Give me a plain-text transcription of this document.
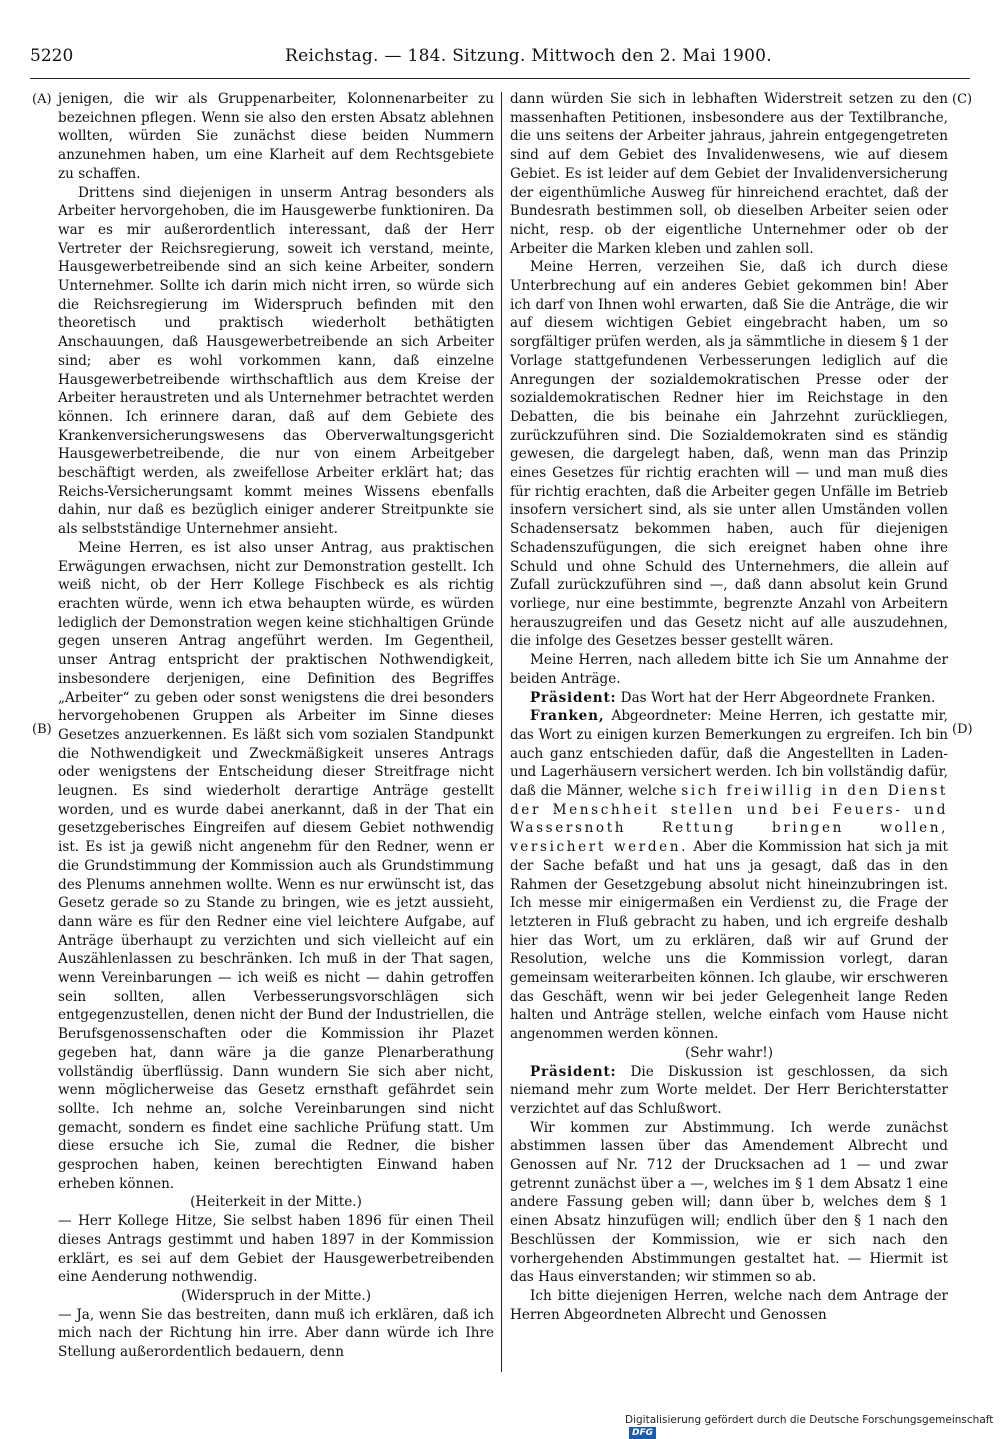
5220	Reichstag. — 184. Sitzung. Mittwoch den 2. Mai 1900.
(A)
(B)
(C)
(D)

jenigen, die wir als Gruppenarbeiter, Kolonnenarbeiter zu bezeichnen pflegen. Wenn sie also den ersten Absatz ablehnen wollten, würden Sie zunächst diese beiden Nummern anzunehmen haben, um eine Klarheit auf dem Rechtsgebiete zu schaffen.

Drittens sind diejenigen in unserm Antrag besonders als Arbeiter hervorgehoben, die im Hausgewerbe funktioniren. Da war es mir außerordentlich interessant, daß der Herr Vertreter der Reichsregierung, soweit ich verstand, meinte, Hausgewerbetreibende sind an sich keine Arbeiter, sondern Unternehmer. Sollte ich darin mich nicht irren, so würde sich die Reichsregierung im Widerspruch befinden mit den theoretisch und praktisch wiederholt bethätigten Anschauungen, daß Hausgewerbetreibende an sich Arbeiter sind; aber es wohl vorkommen kann, daß einzelne Hausgewerbetreibende wirthschaftlich aus dem Kreise der Arbeiter heraustreten und als Unternehmer betrachtet werden können. Ich erinnere daran, daß auf dem Gebiete des Krankenversicherungswesens das Oberverwaltungsgericht Hausgewerbetreibende, die nur von einem Arbeitgeber beschäftigt werden, als zweifellose Arbeiter erklärt hat; das Reichs-Versicherungsamt kommt meines Wissens ebenfalls dahin, nur daß es bezüglich einiger anderer Streitpunkte sie als selbstständige Unternehmer ansieht.

Meine Herren, es ist also unser Antrag, aus praktischen Erwägungen erwachsen, nicht zur Demonstration gestellt. Ich weiß nicht, ob der Herr Kollege Fischbeck es als richtig erachten würde, wenn ich etwa behaupten würde, es würden lediglich der Demonstration wegen keine stichhaltigen Gründe gegen unseren Antrag angeführt werden. Im Gegentheil, unser Antrag entspricht der praktischen Nothwendigkeit, insbesondere derjenigen, eine Definition des Begriffes „Arbeiter“ zu geben oder sonst wenigstens die drei besonders hervorgehobenen Gruppen als Arbeiter im Sinne dieses Gesetzes anzuerkennen. Es läßt sich vom sozialen Standpunkt die Nothwendigkeit und Zweckmäßigkeit unseres Antrags oder wenigstens der Entscheidung dieser Streitfrage nicht leugnen. Es sind wiederholt derartige Anträge gestellt worden, und es wurde dabei anerkannt, daß in der That ein gesetzgeberisches Eingreifen auf diesem Gebiet nothwendig ist. Es ist ja gewiß nicht angenehm für den Redner, wenn er die Grundstimmung der Kommission auch als Grundstimmung des Plenums annehmen wollte. Wenn es nur erwünscht ist, das Gesetz gerade so zu Stande zu bringen, wie es jetzt aussieht, dann wäre es für den Redner eine viel leichtere Aufgabe, auf Anträge überhaupt zu verzichten und sich vielleicht auf ein Auszählenlassen zu beschränken. Ich muß in der That sagen, wenn Vereinbarungen — ich weiß es nicht — dahin getroffen sein sollten, allen Verbesserungsvorschlägen sich entgegenzustellen, denen nicht der Bund der Industriellen, die Berufsgenossenschaften oder die Kommission ihr Plazet gegeben hat, dann wäre ja die ganze Plenarberathung vollständig überflüssig. Dann wundern Sie sich aber nicht, wenn möglicherweise das Gesetz ernsthaft gefährdet sein sollte. Ich nehme an, solche Vereinbarungen sind nicht gemacht, sondern es findet eine sachliche Prüfung statt. Um diese ersuche ich Sie, zumal die Redner, die bisher gesprochen haben, keinen berechtigten Einwand haben erheben können.

(Heiterkeit in der Mitte.)

— Herr Kollege Hitze, Sie selbst haben 1896 für einen Theil dieses Antrags gestimmt und haben 1897 in der Kommission erklärt, es sei auf dem Gebiet der Hausgewerbetreibenden eine Aenderung nothwendig.

(Widerspruch in der Mitte.)

— Ja, wenn Sie das bestreiten, dann muß ich erklären, daß ich mich nach der Richtung hin irre. Aber dann würde ich Ihre Stellung außerordentlich bedauern, denn

dann würden Sie sich in lebhaften Widerstreit setzen zu den massenhaften Petitionen, insbesondere aus der Textilbranche, die uns seitens der Arbeiter jahraus, jahrein entgegengetreten sind auf dem Gebiet des Invalidenwesens, wie auf diesem Gebiet. Es ist leider auf dem Gebiet der Invalidenversicherung der eigenthümliche Ausweg für hinreichend erachtet, daß der Bundesrath bestimmen soll, ob dieselben Arbeiter seien oder nicht, resp. ob der eigentliche Unternehmer oder ob der Arbeiter die Marken kleben und zahlen soll.

Meine Herren, verzeihen Sie, daß ich durch diese Unterbrechung auf ein anderes Gebiet gekommen bin! Aber ich darf von Ihnen wohl erwarten, daß Sie die Anträge, die wir auf diesem wichtigen Gebiet eingebracht haben, um so sorgfältiger prüfen werden, als ja sämmtliche in diesem § 1 der Vorlage stattgefundenen Verbesserungen lediglich auf die Anregungen der sozialdemokratischen Presse oder der sozialdemokratischen Redner hier im Reichstage in den Debatten, die bis beinahe ein Jahrzehnt zurückliegen, zurückzuführen sind. Die Sozialdemokraten sind es ständig gewesen, die dargelegt haben, daß, wenn man das Prinzip eines Gesetzes für richtig erachten will — und man muß dies für richtig erachten, daß die Arbeiter gegen Unfälle im Betrieb insofern versichert sind, als sie unter allen Umständen vollen Schadensersatz bekommen haben, auch für diejenigen Schadenszufügungen, die sich ereignet haben ohne ihre Schuld und ohne Schuld des Unternehmers, die allein auf Zufall zurückzuführen sind —, daß dann absolut kein Grund vorliege, nur eine bestimmte, begrenzte Anzahl von Arbeitern herauszugreifen und das Gesetz nicht auf alle auszudehnen, die infolge des Gesetzes besser gestellt wären.

Meine Herren, nach alledem bitte ich Sie um Annahme der beiden Anträge.

Präsident: Das Wort hat der Herr Abgeordnete Franken.

Franken, Abgeordneter: Meine Herren, ich gestatte mir, das Wort zu einigen kurzen Bemerkungen zu ergreifen. Ich bin auch ganz entschieden dafür, daß die Angestellten in Laden- und Lagerhäusern versichert werden. Ich bin vollständig dafür, daß die Männer, welche sich freiwillig in den Dienst der Menschheit stellen und bei Feuers- und Wassersnoth Rettung bringen wollen, versichert werden. Aber die Kommission hat sich ja mit der Sache befaßt und hat uns ja gesagt, daß das in den Rahmen der Gesetzgebung absolut nicht hineinzubringen ist. Ich messe mir einigermaßen ein Verdienst zu, die Frage der letzteren in Fluß gebracht zu haben, und ich ergreife deshalb hier das Wort, um zu erklären, daß wir auf Grund der Resolution, welche uns die Kommission vorlegt, daran gemeinsam weiterarbeiten können. Ich glaube, wir erschweren das Geschäft, wenn wir bei jeder Gelegenheit lange Reden halten und Anträge stellen, welche einfach vom Hause nicht angenommen werden können.

(Sehr wahr!)

Präsident: Die Diskussion ist geschlossen, da sich niemand mehr zum Worte meldet. Der Herr Berichterstatter verzichtet auf das Schlußwort.

Wir kommen zur Abstimmung. Ich werde zunächst abstimmen lassen über das Amendement Albrecht und Genossen auf Nr. 712 der Drucksachen ad 1 — und zwar getrennt zunächst über a —, welches im § 1 dem Absatz 1 eine andere Fassung geben will; dann über b, welches dem § 1 einen Absatz hinzufügen will; endlich über den § 1 nach den Beschlüssen der Kommission, wie er sich nach den vorhergehenden Abstimmungen gestaltet hat. — Hiermit ist das Haus einverstanden; wir stimmen so ab.

Ich bitte diejenigen Herren, welche nach dem Antrage der Herren Abgeordneten Albrecht und Genossen

Digitalisierung gefördert durch die Deutsche Forschungsgemeinschaft DFG
